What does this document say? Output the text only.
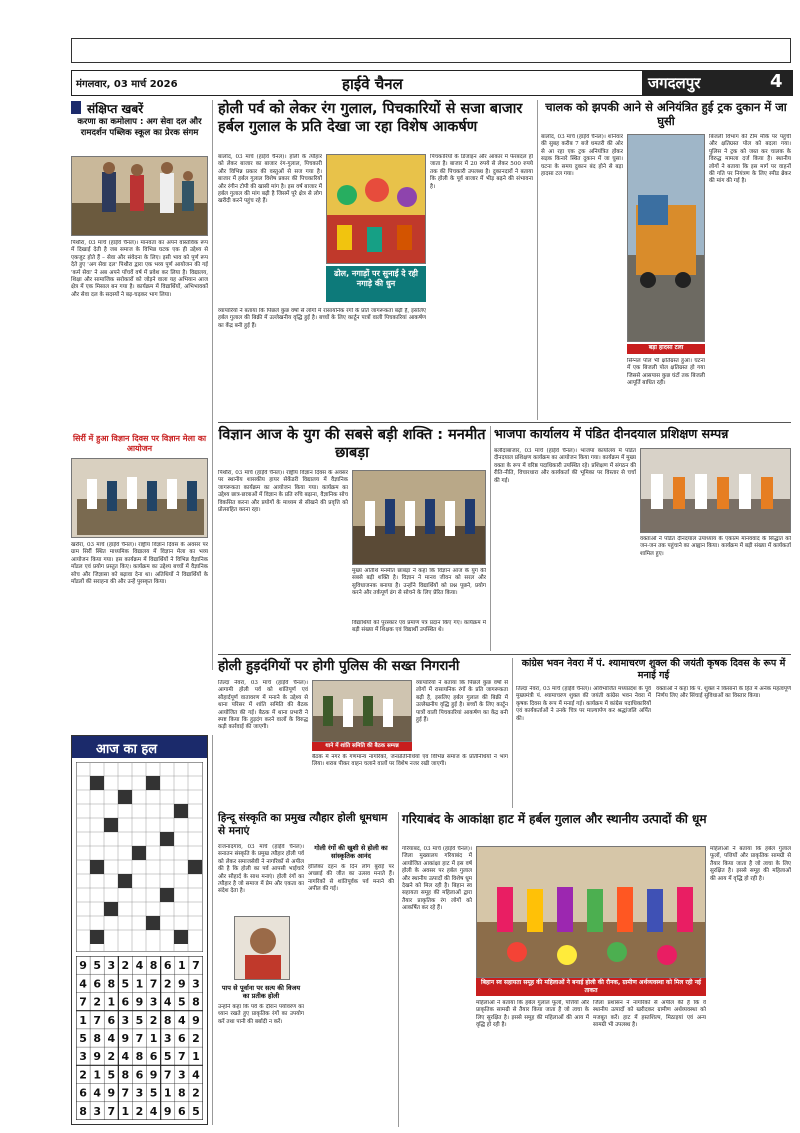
मंगलवार, 03 मार्च 2026	हाईवे चैनल	जगदलपुर	4
संक्षिप्त खबरें
करणा का कमोलाप : अग सेवा दल और रामदर्शन पब्लिक स्कूल का प्रेरक संगम
पिथौरा, 03 मार्च (हाईवे चैनल)। मानवता का अपने वास्तविक रूप में दिखाई देती है जब समाज के विभिन्न घटक एक ही उद्देश्य से एकजुट होते हैं – सेवा और संवेदना के लिए। इसी भाव को पूर्ण रूप देते हुए 'अग सेवा दल' पिथौरा द्वारा एक भव्य पूर्ण आयोजन की गई 'कर्म सेवा' ने अब अपने पाँचवें वर्ष में प्रवेश कर लिया है। विद्यालय, शिक्षा और सामाजिक सरोकारों को जोड़ने वाला यह अभियान आज क्षेत्र में एक मिसाल बन गया है। कार्यक्रम में विद्यार्थियों, अभिभावकों और सेवा दल के सदस्यों ने बढ़-चढ़कर भाग लिया।
सिर्री में हुआ विज्ञान दिवस पर विज्ञान मेला का आयोजन
खरोरा, 03 मार्च (हाईवे चैनल)। राष्ट्रीय विज्ञान दिवस के अवसर पर ग्राम सिर्री स्थित माध्यमिक विद्यालय में विज्ञान मेला का भव्य आयोजन किया गया। इस कार्यक्रम में विद्यार्थियों ने विभिन्न वैज्ञानिक मॉडल एवं प्रयोग प्रस्तुत किए। कार्यक्रम का उद्देश्य बच्चों में वैज्ञानिक सोच और जिज्ञासा को बढ़ावा देना था। अतिथियों ने विद्यार्थियों के मॉडलों की सराहना की और उन्हें पुरस्कृत किया।
होली पर्व को लेकर रंग गुलाल, पिचकारियों से सजा बाजार हर्बल गुलाल के प्रति देखा जा रहा विशेष आकर्षण
बालोद, 03 मार्च (हाईवे चैनल)। होली के त्यौहार को लेकर बाजार का बाजार रंग-गुलाल, पिचकारी और विभिन्न प्रकार की वस्तुओं से सज गया है। बाजार में हर्बल गुलाल विशेष प्रकार की पिचकारियों और रंगीन टोपी की खासी मांग है। इस वर्ष बाजार में हर्बल गुलाल की मांग बढ़ी है जिसमें पूरे क्षेत्र से लोग खरीदी करने पहुंच रहे हैं।
ढोल, नगाड़ों पर सुनाई दे रही नगाड़े की धुन
व्यापारियों ने बताया कि पिछले कुछ वर्षों से लोगों में रासायनिक रंगों के प्रति जागरूकता बढ़ी है, इसलिए हर्बल गुलाल की बिक्री में उल्लेखनीय वृद्धि हुई है। बच्चों के लिए कार्टून पात्रों वाली पिचकारियां आकर्षण का केंद्र बनी हुई हैं।
पिचकारियों के डिजाइन और आकार में फेरबदल हो जाता है। बाजार में 20 रुपये से लेकर 500 रुपये तक की पिचकारी उपलब्ध है। दुकानदारों ने बताया कि होली के पूर्व बाजार में भीड़ बढ़ने की संभावना है।
चालक को झपकी आने से अनियंत्रित हुई ट्रक दुकान में जा घुसी
बालोद, 03 मार्च (हाईवे चैनल)। शनिवार की सुबह करीब 7 बजे धमतरी की ओर से आ रहा एक ट्रक अनियंत्रित होकर सड़क किनारे स्थित दुकान में जा घुसा। घटना के समय दुकान बंद होने से बड़ा हादसा टल गया।
बड़ा हादसा टला
सिग्नल पोल भी क्षतिग्रस्त हुआ। घटना में एक बिजली पोल क्षतिग्रस्त हो गया जिससे आसपास कुछ घंटों तक बिजली आपूर्ति बाधित रही।
बिजली विभाग की टीम मौके पर पहुंची और क्षतिग्रस्त पोल को बदला गया। पुलिस ने ट्रक को जब्त कर चालक के विरुद्ध मामला दर्ज किया है। स्थानीय लोगों ने बताया कि इस मार्ग पर वाहनों की गति पर नियंत्रण के लिए स्पीड ब्रेकर की मांग की गई है।
विज्ञान आज के युग की सबसे बड़ी शक्ति : मनमीत छाबड़ा
पिथौरा, 03 मार्च (हाईवे चैनल)। राष्ट्रीय विज्ञान दिवस के अवसर पर स्थानीय शासकीय हायर सेकेंडरी विद्यालय में वैज्ञानिक जागरूकता कार्यक्रम का आयोजन किया गया। कार्यक्रम का उद्देश्य छात्र-छात्राओं में विज्ञान के प्रति रुचि बढ़ाना, वैज्ञानिक सोच विकसित करना और प्रयोगों के माध्यम से सीखने की प्रवृत्ति को प्रोत्साहित करना रहा।
मुख्य अतिथि मनमीत छाबड़ा ने कहा कि विज्ञान आज के युग की सबसे बड़ी शक्ति है। विज्ञान ने मानव जीवन को सरल और सुविधाजनक बनाया है। उन्होंने विद्यार्थियों को प्रश्न पूछने, प्रयोग करने और तर्कपूर्ण ढंग से सोचने के लिए प्रेरित किया।
विद्यार्थियों को पुरस्कार एवं प्रमाण पत्र प्रदान किए गए। कार्यक्रम में बड़ी संख्या में शिक्षक एवं विद्यार्थी उपस्थित थे।
भाजपा कार्यालय में पंडित दीनदयाल प्रशिक्षण सम्पन्न
बलौदाबाजार, 03 मार्च (हाईवे चैनल)। भाजपा कार्यालय में पंडित दीनदयाल प्रशिक्षण कार्यक्रम का आयोजन किया गया। कार्यक्रम में मुख्य वक्ता के रूप में वरिष्ठ पदाधिकारी उपस्थित रहे। प्रशिक्षण में संगठन की रीति-नीति, विचारधारा और कार्यकर्ता की भूमिका पर विस्तार से चर्चा की गई।
वक्ताओं ने पंडित दीनदयाल उपाध्याय के एकात्म मानववाद के सिद्धांत को जन-जन तक पहुंचाने का आह्वान किया। कार्यक्रम में बड़ी संख्या में कार्यकर्ता शामिल हुए।
होली हुड़दंगियों पर होगी पुलिस की सख्त निगरानी
तिल्दा नेवरा, 03 मार्च (हाईवे चैनल)। आगामी होली पर्व को शांतिपूर्ण एवं सौहार्दपूर्ण वातावरण में मनाने के उद्देश्य से थाना परिसर में शांति समिति की बैठक आयोजित की गई। बैठक में थाना प्रभारी ने स्पष्ट किया कि हुड़दंग करने वालों के विरुद्ध कड़ी कार्रवाई की जाएगी।
थाने में शांति समिति की बैठक सम्पन्न
बैठक में नगर के गणमान्य नागरिकों, जनप्रतिनिधियों एवं विभिन्न समाज के प्रतिनिधियों ने भाग लिया। शराब पीकर वाहन चलाने वालों पर विशेष नजर रखी जाएगी।
व्यापारियों ने बताया कि पिछले कुछ वर्षों से लोगों में रासायनिक रंगों के प्रति जागरूकता बढ़ी है, इसलिए हर्बल गुलाल की बिक्री में उल्लेखनीय वृद्धि हुई है। बच्चों के लिए कार्टून पात्रों वाली पिचकारियां आकर्षण का केंद्र बनी हुई हैं।
कांग्रेस भवन नेवरा में पं. श्यामाचरण शुक्ल की जयंती कृषक दिवस के रूप में मनाई गई
तिल्दा नेवरा, 03 मार्च (हाईवे चैनल)। अविभाजित मध्यप्रदेश के पूर्व मुख्यमंत्री पं. श्यामाचरण शुक्ल की जयंती कांग्रेस भवन नेवरा में कृषक दिवस के रूप में मनाई गई। कार्यक्रम में कांग्रेस पदाधिकारियों एवं कार्यकर्ताओं ने उनके चित्र पर माल्यार्पण कर श्रद्धांजलि अर्पित की।
वक्ताओं ने कहा कि पं. शुक्ल ने किसानों के हित में अनेक महत्वपूर्ण निर्णय लिए और सिंचाई सुविधाओं का विस्तार किया।
आज का हल
9 5 3 2 4 8 6 1 7
4 6 8 5 1 7 2 9 3
7 2 1 6 9 3 4 5 8
1 7 6 3 5 2 8 4 9
5 8 4 9 7 1 3 6 2
3 9 2 4 8 6 5 7 1
2 1 5 8 6 9 7 3 4
6 4 9 7 3 5 1 8 2
8 3 7 1 2 4 9 6 5
हिन्दू संस्कृति का प्रमुख त्यौहार होली धूमधाम से मनाएं
राजनांदगांव, 03 मार्च (हाईवे चैनल)। सनातन संस्कृति के प्रमुख त्यौहार होली पर्व को लेकर समाजसेवी ने नागरिकों से अपील की है कि होली का पर्व आपसी भाईचारे और सौहार्द के साथ मनाएं। होली रंगों का त्यौहार है जो समाज में प्रेम और एकता का संदेश देता है।
पाप से पूर्वाना पर सत्य की विजय का प्रतीक होली
उन्होंने कहा कि पर्व के दौरान पर्यावरण का ध्यान रखते हुए प्राकृतिक रंगों का उपयोग करें तथा पानी की बर्बादी न करें।
गोली रंगों की खुशी से होली का सांस्कृतिक आनंद
होलिका दहन के दिन लोग बुराई पर अच्छाई की जीत का उत्सव मनाते हैं। नागरिकों से शांतिपूर्वक पर्व मनाने की अपील की गई।
गरियाबंद के आकांक्षा हाट में हर्बल गुलाल और स्थानीय उत्पादों की धूम
गरियाबंद, 03 मार्च (हाईवे चैनल)। जिला मुख्यालय गरियाबंद में आयोजित आकांक्षा हाट में इस वर्ष होली के अवसर पर हर्बल गुलाल और स्थानीय उत्पादों की विशेष धूम देखने को मिल रही है। बिहान स्व सहायता समूह की महिलाओं द्वारा तैयार प्राकृतिक रंग लोगों को आकर्षित कर रहे हैं।
बिहान स्व सहायता समूह की महिलाओं ने बनाई होली की रौनक, ग्रामीण अर्थव्यवस्था को मिल रही नई ताकत
महिलाओं ने बताया कि हर्बल गुलाल फूलों, पत्तियों और प्राकृतिक सामग्री से तैयार किया जाता है जो त्वचा के लिए सुरक्षित है। इससे समूह की महिलाओं की आय में वृद्धि हो रही है।
जिला प्रशासन ने नागरिकों से अपील की है कि वे स्थानीय उत्पादों को खरीदकर ग्रामीण अर्थव्यवस्था को मजबूत करें। हाट में हस्तशिल्प, मिठाइयां एवं अन्य सामग्री भी उपलब्ध है।
महिलाओं ने बताया कि हर्बल गुलाल फूलों, पत्तियों और प्राकृतिक सामग्री से तैयार किया जाता है जो त्वचा के लिए सुरक्षित है। इससे समूह की महिलाओं की आय में वृद्धि हो रही है।
